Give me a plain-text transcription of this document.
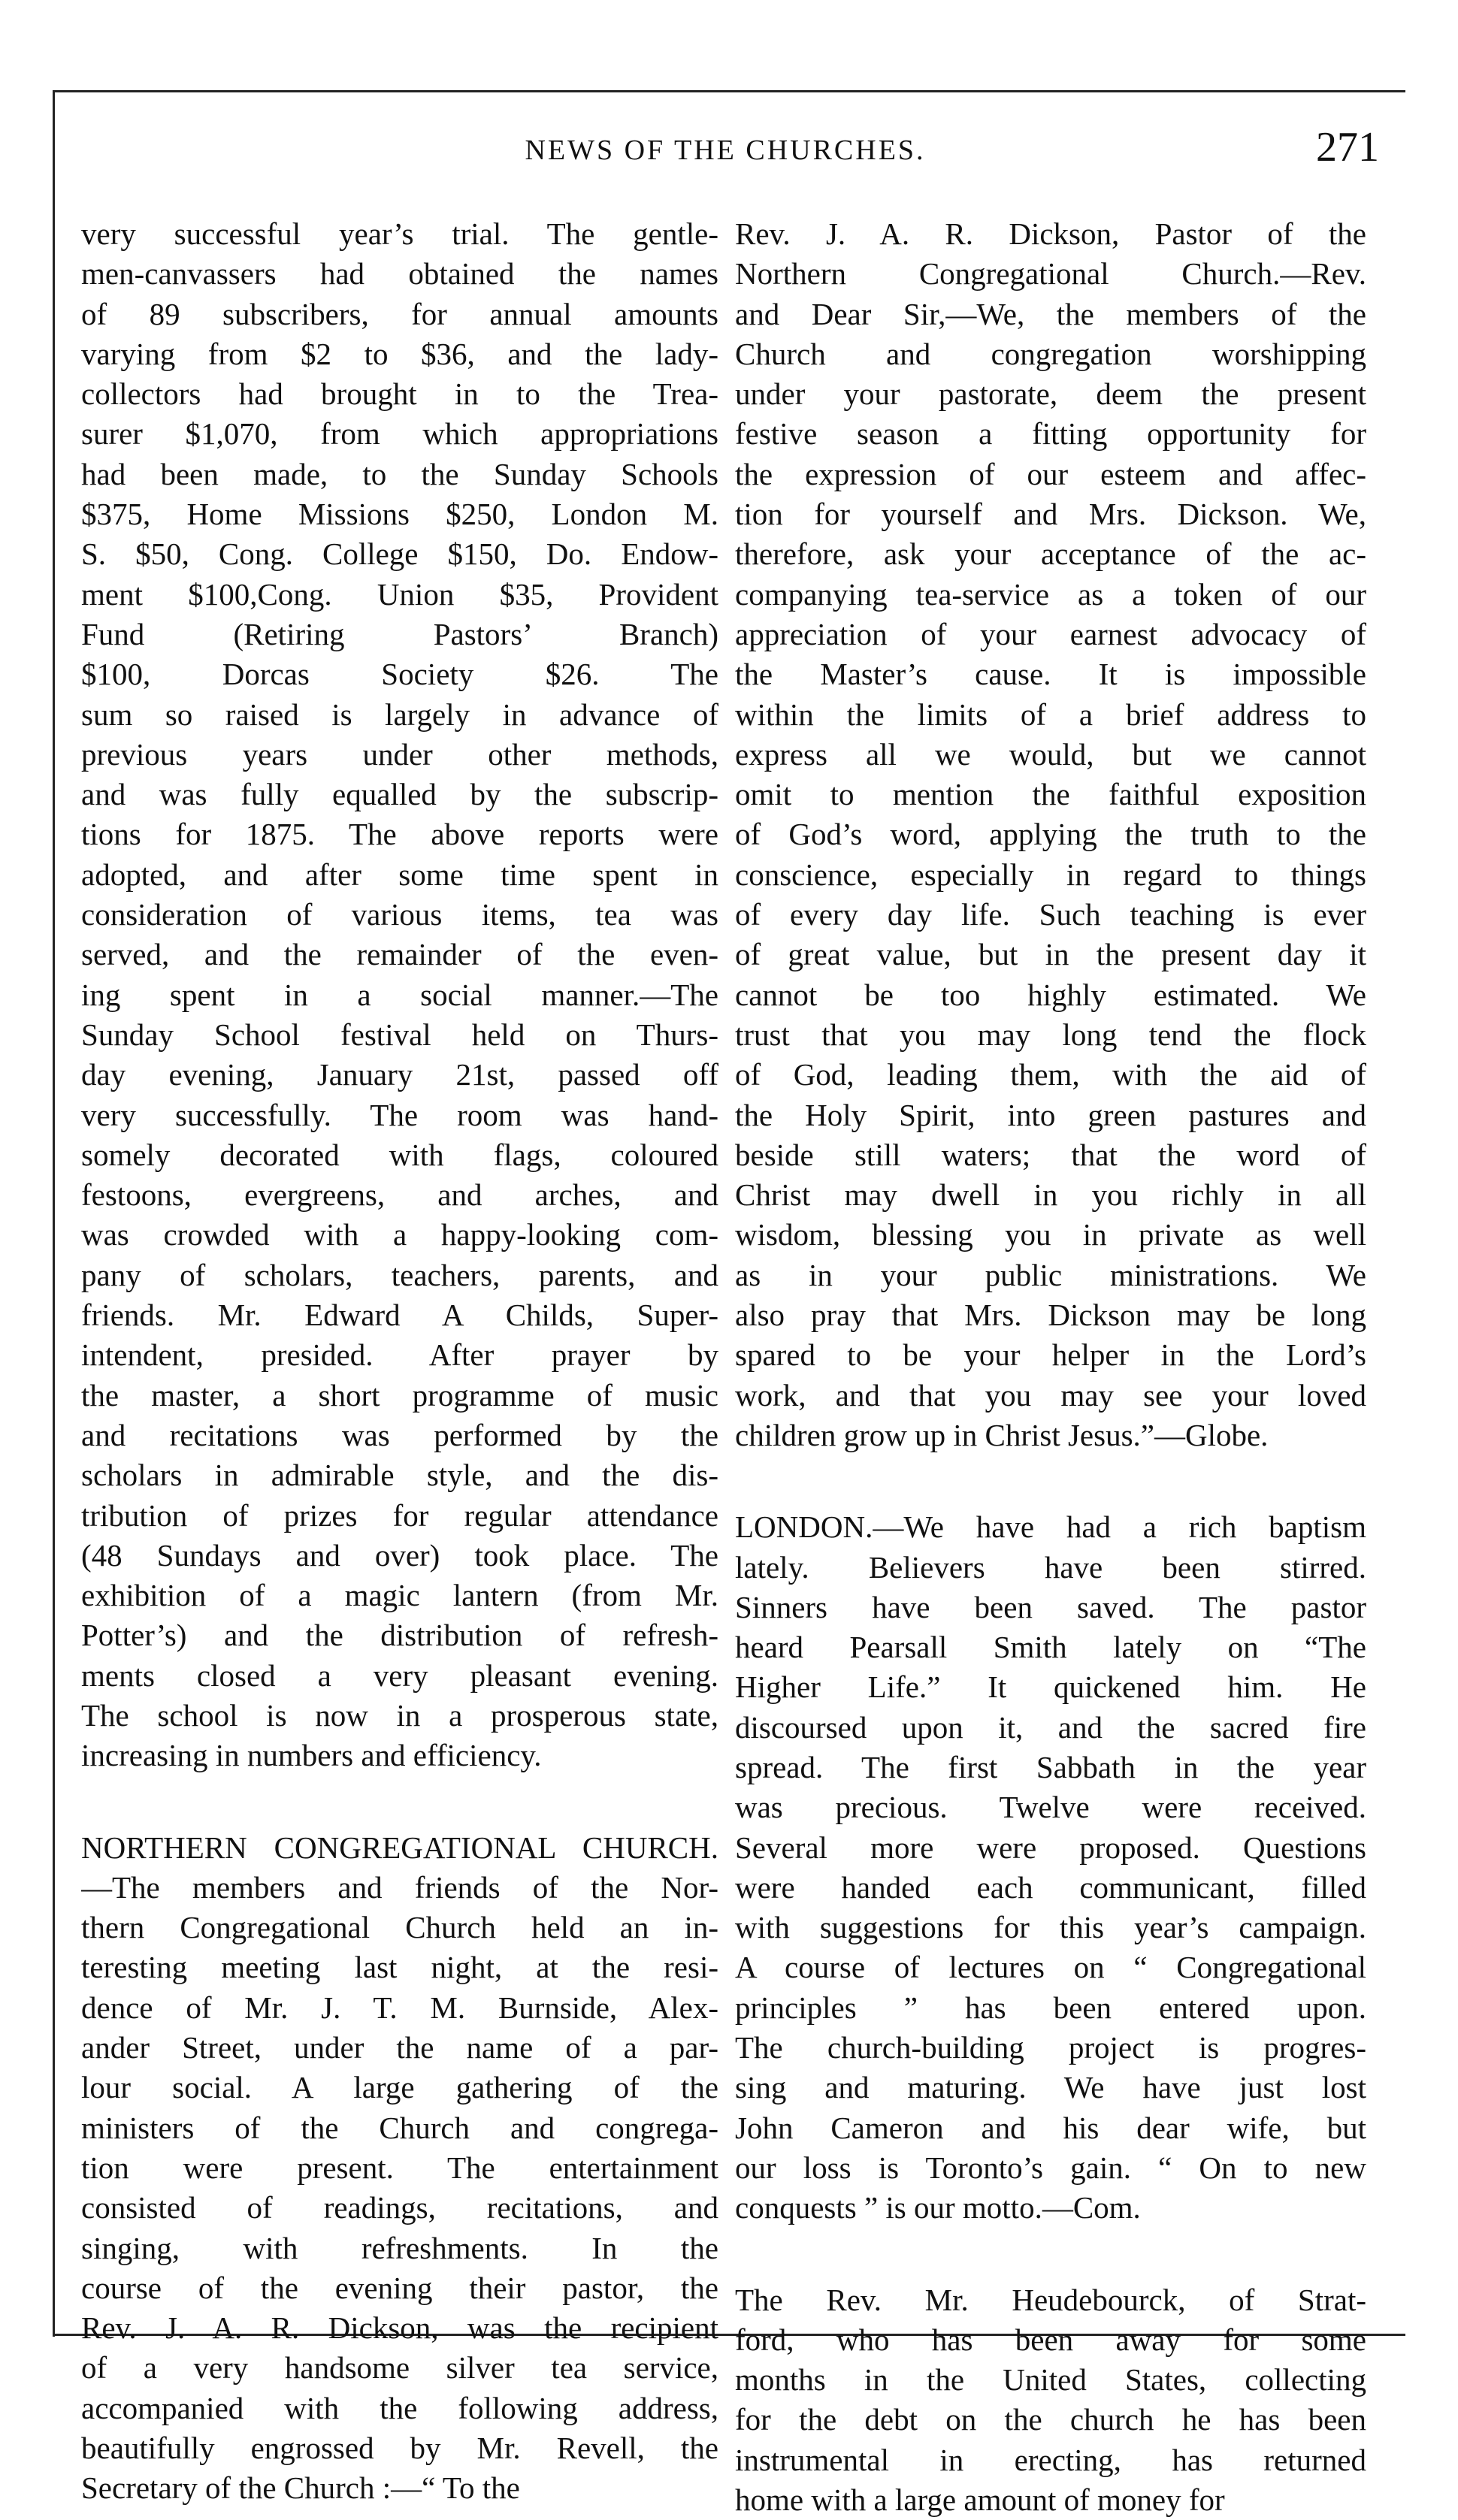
NEWS OF THE CHURCHES.	271
very successful year’s trial. The gentle-
men-canvassers had obtained the names
of 89 subscribers, for annual amounts
varying from $2 to $36, and the lady-
collectors had brought in to the Trea-
surer $1,070, from which appropriations
had been made, to the Sunday Schools
$375, Home Missions $250, London M.
S. $50, Cong. College $150, Do. Endow-
ment $100,Cong. Union $35, Provident
Fund (Retiring Pastors’ Branch)
$100, Dorcas Society $26. The
sum so raised is largely in advance of
previous years under other methods,
and was fully equalled by the subscrip-
tions for 1875. The above reports were
adopted, and after some time spent in
consideration of various items, tea was
served, and the remainder of the even-
ing spent in a social manner.—The
Sunday School festival held on Thurs-
day evening, January 21st, passed off
very successfully. The room was hand-
somely decorated with flags, coloured
festoons, evergreens, and arches, and
was crowded with a happy-looking com-
pany of scholars, teachers, parents, and
friends. Mr. Edward A Childs, Super-
intendent, presided. After prayer by
the master, a short programme of music
and recitations was performed by the
scholars in admirable style, and the dis-
tribution of prizes for regular attendance
(48 Sundays and over) took place. The
exhibition of a magic lantern (from Mr.
Potter’s) and the distribution of refresh-
ments closed a very pleasant evening.
The school is now in a prosperous state,
increasing in numbers and efficiency.
NORTHERN CONGREGATIONAL CHURCH.
—The members and friends of the Nor-
thern Congregational Church held an in-
teresting meeting last night, at the resi-
dence of Mr. J. T. M. Burnside, Alex-
ander Street, under the name of a par-
lour social. A large gathering of the
ministers of the Church and congrega-
tion were present. The entertainment
consisted of readings, recitations, and
singing, with refreshments. In the
course of the evening their pastor, the
Rev. J. A. R. Dickson, was the recipient
of a very handsome silver tea service,
accompanied with the following address,
beautifully engrossed by Mr. Revell, the
Secretary of the Church :—“ To the
Rev. J. A. R. Dickson, Pastor of the
Northern Congregational Church.—Rev.
and Dear Sir,—We, the members of the
Church and congregation worshipping
under your pastorate, deem the present
festive season a fitting opportunity for
the expression of our esteem and affec-
tion for yourself and Mrs. Dickson. We,
therefore, ask your acceptance of the ac-
companying tea-service as a token of our
appreciation of your earnest advocacy of
the Master’s cause. It is impossible
within the limits of a brief address to
express all we would, but we cannot
omit to mention the faithful exposition
of God’s word, applying the truth to the
conscience, especially in regard to things
of every day life. Such teaching is ever
of great value, but in the present day it
cannot be too highly estimated. We
trust that you may long tend the flock
of God, leading them, with the aid of
the Holy Spirit, into green pastures and
beside still waters; that the word of
Christ may dwell in you richly in all
wisdom, blessing you in private as well
as in your public ministrations. We
also pray that Mrs. Dickson may be long
spared to be your helper in the Lord’s
work, and that you may see your loved
children grow up in Christ Jesus.”—Globe.
LONDON.—We have had a rich baptism
lately. Believers have been stirred.
Sinners have been saved. The pastor
heard Pearsall Smith lately on “The
Higher Life.” It quickened him. He
discoursed upon it, and the sacred fire
spread. The first Sabbath in the year
was precious. Twelve were received.
Several more were proposed. Questions
were handed each communicant, filled
with suggestions for this year’s campaign.
A course of lectures on “ Congregational
principles ” has been entered upon.
The church-building project is progres-
sing and maturing. We have just lost
John Cameron and his dear wife, but
our loss is Toronto’s gain. “ On to new
conquests ” is our motto.—Com.
The Rev. Mr. Heudebourck, of Strat-
ford, who has been away for some
months in the United States, collecting
for the debt on the church he has been
instrumental in erecting, has returned
home with a large amount of money for
